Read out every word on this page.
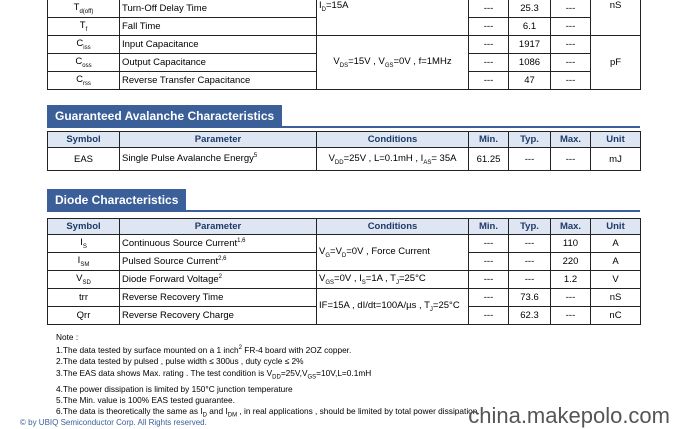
$T_{d(off)}$	Turn-Off Delay Time	$I_D=15A$	---	25.3	---	nS
$T_f$	Fall Time		---	6.1	---	
$C_{iss}$	Input Capacitance	$V_{DS}=15V$ , $V_{GS}=0V$ , f=1MHz	---	1917	---	pF
$C_{oss}$	Output Capacitance		---	1086	---	
$C_{rss}$	Reverse Transfer Capacitance		---	47	---	
Guaranteed Avalanche Characteristics
Symbol	Parameter	Conditions	Min.	Typ.	Max.	Unit
EAS	Single Pulse Avalanche Energy$^5$	$V_{DD}=25V$ , L=0.1mH , $I_{AS}= 35A$	61.25	---	---	mJ
Diode Characteristics
Symbol	Parameter	Conditions	Min.	Typ.	Max.	Unit
$I_S$	Continuous Source Current$^{1,6}$	$V_G=V_D=0V$ , Force Current	---	---	110	A
$I_{SM}$	Pulsed Source Current$^{2,6}$		---	---	220	A
$V_{SD}$	Diode Forward Voltage$^2$	$V_{GS}=0V$ , $I_S=1A$ , $T_J=25^\circ C$	---	---	1.2	V
trr	Reverse Recovery Time	IF=15A , dI/dt=100A/µs , $T_J=25^\circ C$	---	73.6	---	nS
Qrr	Reverse Recovery Charge		---	62.3	---	nC
Note :
1.The data tested by surface mounted on a 1 inch$^2$ FR-4 board with 2OZ copper.
2.The data tested by pulsed , pulse width ≤ 300us , duty cycle ≤ 2%
3.The EAS data shows Max. rating . The test condition is $V_{DD}=25V,V_{GS}=10V,L=0.1mH$
4.The power dissipation is limited by 150°C junction temperature
5.The Min. value is 100% EAS tested guarantee.
6.The data is theoretically the same as $I_D$ and $I_{DM}$ , in real applications , should be limited by total power dissipation.
© by UBIQ Semiconductor Corp. All Rights reserved.	china.makepolo.com
